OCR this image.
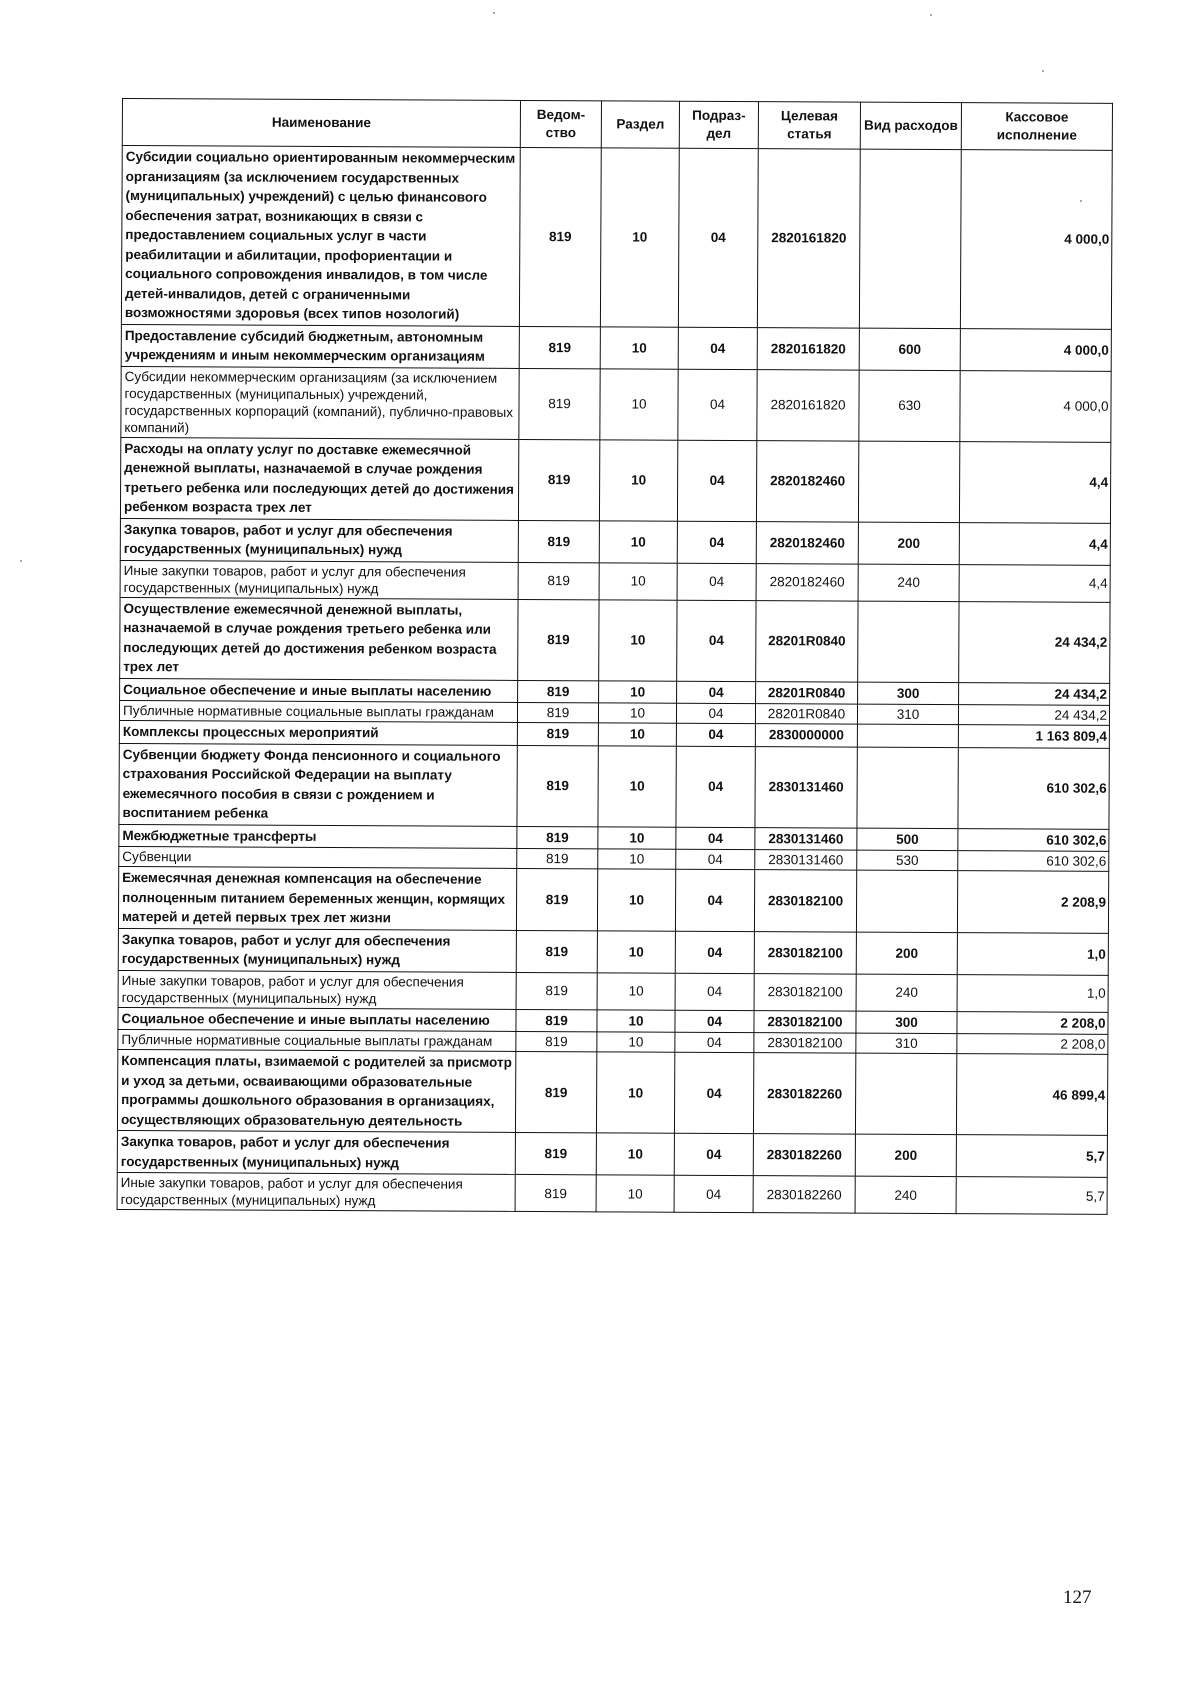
Наименование	Ведом-ство	Раздел	Подраз-дел	Целевая статья	Вид расходов	Кассовое исполнение
Субсидии социально ориентированным некоммерческим организациям (за исключением государственных (муниципальных) учреждений) с целью финансового обеспечения затрат, возникающих в связи с предоставлением социальных услуг в части реабилитации и абилитации, профориентации и социального сопровождения инвалидов, в том числе детей-инвалидов, детей с ограниченными возможностями здоровья (всех типов нозологий)	819	10	04	2820161820		4 000,0
Предоставление субсидий бюджетным, автономным учреждениям и иным некоммерческим организациям	819	10	04	2820161820	600	4 000,0
Субсидии некоммерческим организациям (за исключением государственных (муниципальных) учреждений, государственных корпораций (компаний), публично-правовых компаний)	819	10	04	2820161820	630	4 000,0
Расходы на оплату услуг по доставке ежемесячной денежной выплаты, назначаемой в случае рождения третьего ребенка или последующих детей до достижения ребенком возраста трех лет	819	10	04	2820182460		4,4
Закупка товаров, работ и услуг для обеспечения государственных (муниципальных) нужд	819	10	04	2820182460	200	4,4
Иные закупки товаров, работ и услуг для обеспечения государственных (муниципальных) нужд	819	10	04	2820182460	240	4,4
Осуществление ежемесячной денежной выплаты, назначаемой в случае рождения третьего ребенка или последующих детей до достижения ребенком возраста трех лет	819	10	04	28201R0840		24 434,2
Социальное обеспечение и иные выплаты населению	819	10	04	28201R0840	300	24 434,2
Публичные нормативные социальные выплаты гражданам	819	10	04	28201R0840	310	24 434,2
Комплексы процессных мероприятий	819	10	04	2830000000		1 163 809,4
Субвенции бюджету Фонда пенсионного и социального страхования Российской Федерации на выплату ежемесячного пособия в связи с рождением и воспитанием ребенка	819	10	04	2830131460		610 302,6
Межбюджетные трансферты	819	10	04	2830131460	500	610 302,6
Субвенции	819	10	04	2830131460	530	610 302,6
Ежемесячная денежная компенсация на обеспечение полноценным питанием беременных женщин, кормящих матерей и детей первых трех лет жизни	819	10	04	2830182100		2 208,9
Закупка товаров, работ и услуг для обеспечения государственных (муниципальных) нужд	819	10	04	2830182100	200	1,0
Иные закупки товаров, работ и услуг для обеспечения государственных (муниципальных) нужд	819	10	04	2830182100	240	1,0
Социальное обеспечение и иные выплаты населению	819	10	04	2830182100	300	2 208,0
Публичные нормативные социальные выплаты гражданам	819	10	04	2830182100	310	2 208,0
Компенсация платы, взимаемой с родителей за присмотр и уход за детьми, осваивающими образовательные программы дошкольного образования в организациях, осуществляющих образовательную деятельность	819	10	04	2830182260		46 899,4
Закупка товаров, работ и услуг для обеспечения государственных (муниципальных) нужд	819	10	04	2830182260	200	5,7
Иные закупки товаров, работ и услуг для обеспечения государственных (муниципальных) нужд	819	10	04	2830182260	240	5,7
127
